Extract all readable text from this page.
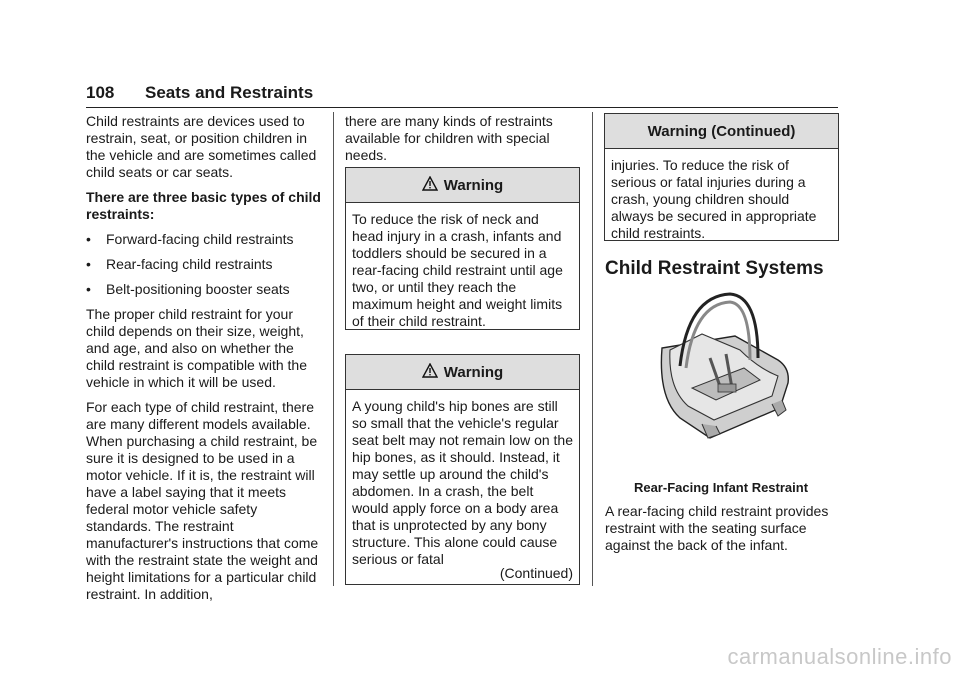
108 Seats and Restraints

Child restraints are devices used to restrain, seat, or position children in the vehicle and are sometimes called child seats or car seats.

There are three basic types of child restraints:

•	Forward-facing child restraints
•	Rear-facing child restraints
•	Belt-positioning booster seats

The proper child restraint for your child depends on their size, weight, and age, and also on whether the child restraint is compatible with the vehicle in which it will be used.

For each type of child restraint, there are many different models available. When purchasing a child restraint, be sure it is designed to be used in a motor vehicle. If it is, the restraint will have a label saying that it meets federal motor vehicle safety standards. The restraint manufacturer's instructions that come with the restraint state the weight and height limitations for a particular child restraint. In addition,

there are many kinds of restraints available for children with special needs.

Warning
To reduce the risk of neck and head injury in a crash, infants and toddlers should be secured in a rear-facing child restraint until age two, or until they reach the maximum height and weight limits of their child restraint.
Warning
A young child's hip bones are still so small that the vehicle's regular seat belt may not remain low on the hip bones, as it should. Instead, it may settle up around the child's abdomen. In a crash, the belt would apply force on a body area that is unprotected by any bony structure. This alone could cause serious or fatal
(Continued)
Warning (Continued)
injuries. To reduce the risk of serious or fatal injuries during a crash, young children should always be secured in appropriate child restraints.
Child Restraint Systems
Rear-Facing Infant Restraint

A rear-facing child restraint provides restraint with the seating surface against the back of the infant.

carmanualsonline.info
